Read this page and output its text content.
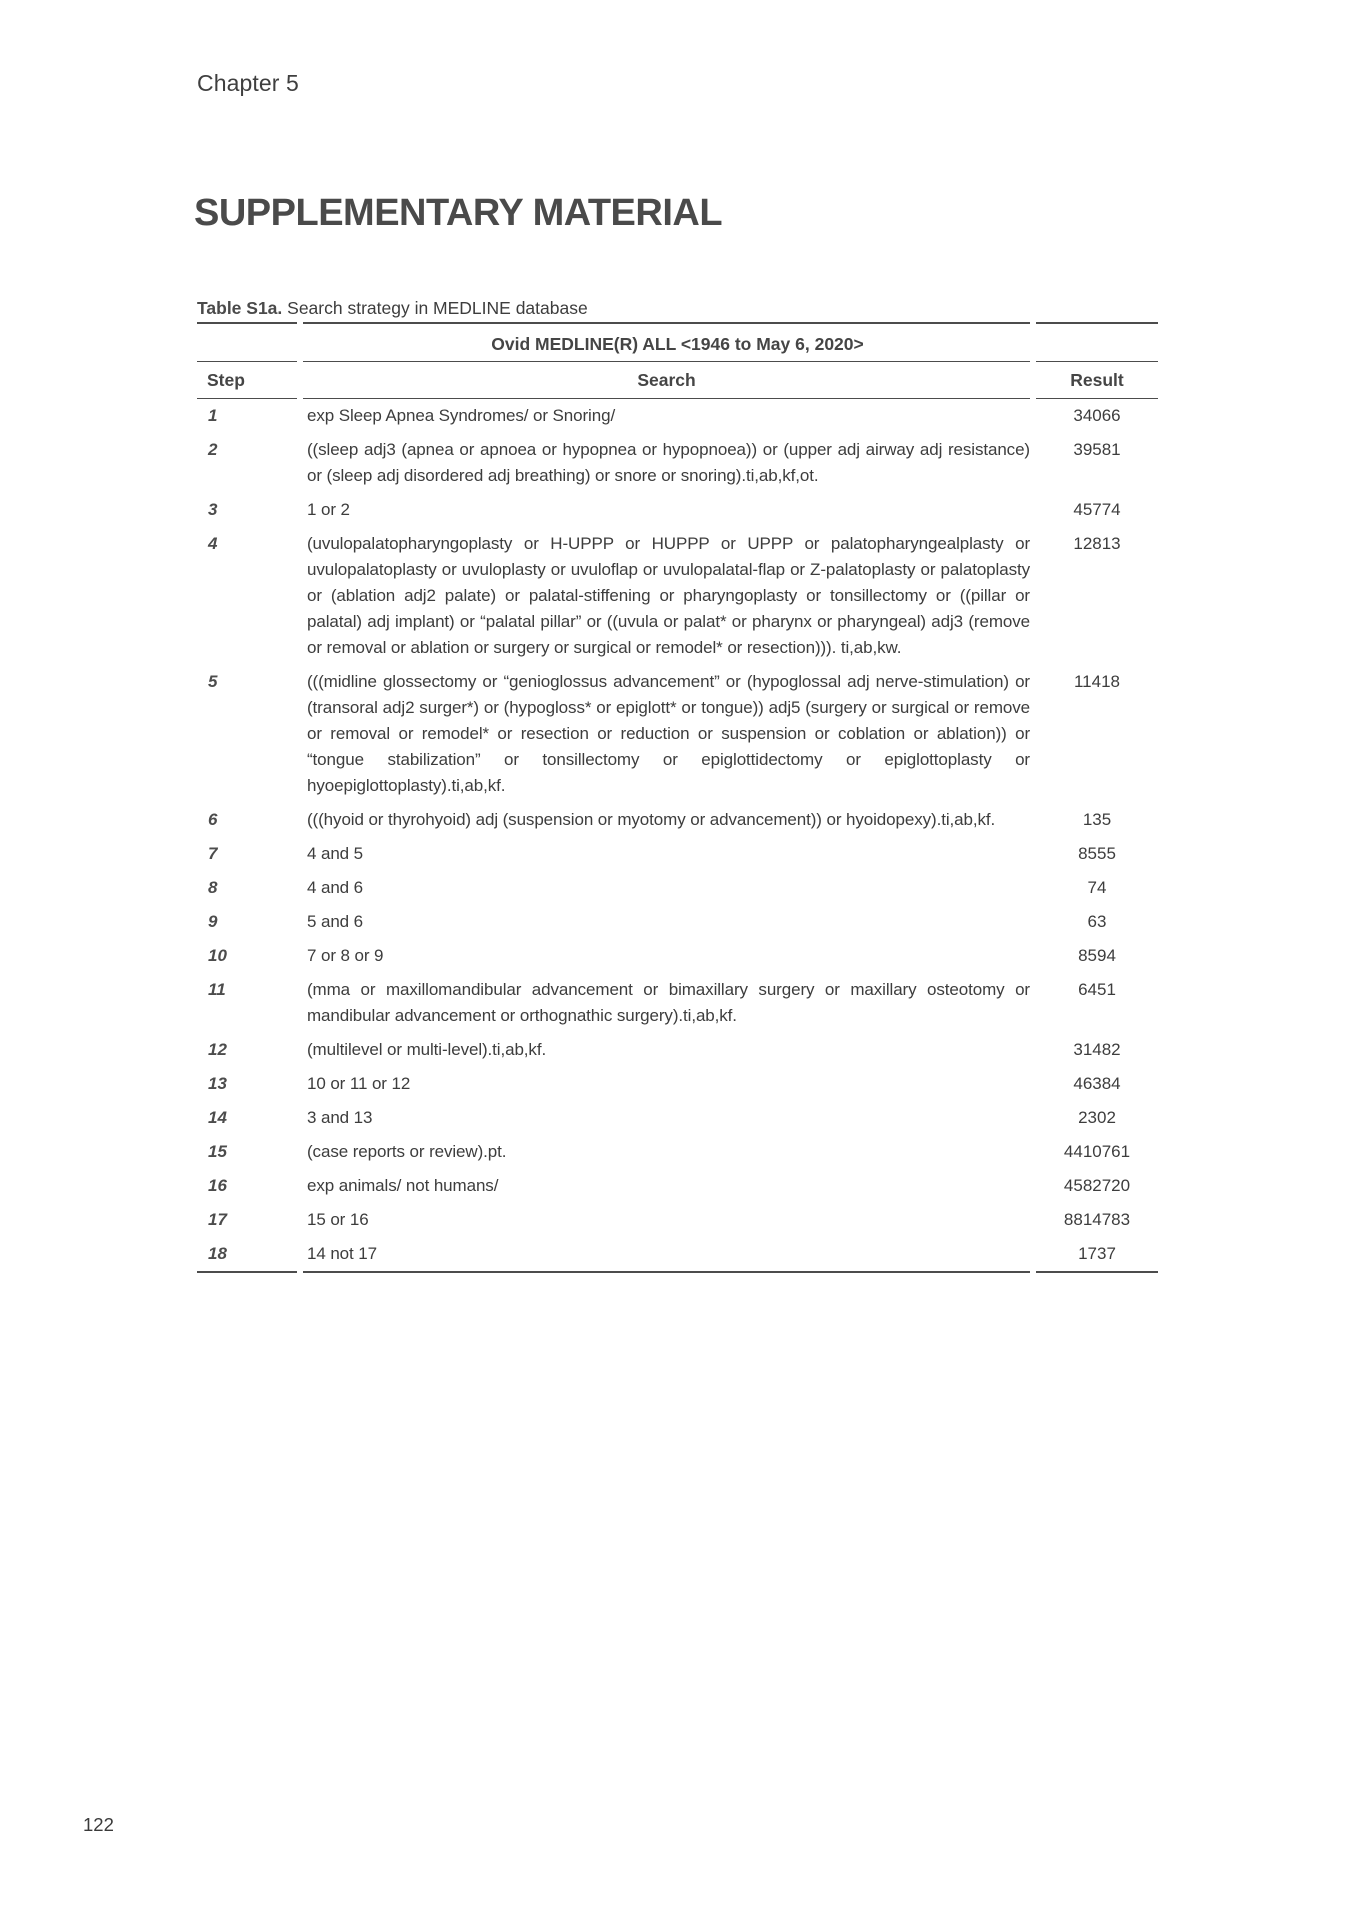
Chapter 5
SUPPLEMENTARY MATERIAL
Table S1a. Search strategy in MEDLINE database

Ovid MEDLINE(R) ALL <1946 to May 6, 2020>		

Step	Search	Result

1	exp Sleep Apnea Syndromes/ or Snoring/	34066
2	((sleep adj3 (apnea or apnoea or hypopnea or hypopnoea)) or (upper adj airway adj resistance) or (sleep adj disordered adj breathing) or snore or snoring).ti,ab,kf,ot.	39581
3	1 or 2	45774
4	(uvulopalatopharyngoplasty or H-UPPP or HUPPP or UPPP or palatopharyngealplasty or uvulopalatoplasty or uvuloplasty or uvuloflap or uvulopalatal-flap or Z-palatoplasty or palatoplasty or (ablation adj2 palate) or palatal-stiffening or pharyngoplasty or tonsillectomy or ((pillar or palatal) adj implant) or “palatal pillar” or ((uvula or palat* or pharynx or pharyngeal) adj3 (remove or removal or ablation or surgery or surgical or remodel* or resection))). ti,ab,kw.	12813
5	(((midline glossectomy or “genioglossus advancement” or (hypoglossal adj nerve-stimulation) or (transoral adj2 surger*) or (hypogloss* or epiglott* or tongue)) adj5 (surgery or surgical or remove or removal or remodel* or resection or reduction or suspension or coblation or ablation)) or “tongue stabilization” or tonsillectomy or epiglottidectomy or epiglottoplasty or hyoepiglottoplasty).ti,ab,kf.	11418
6	(((hyoid or thyrohyoid) adj (suspension or myotomy or advancement)) or hyoidopexy).ti,ab,kf.	135
7	4 and 5	8555
8	4 and 6	74
9	5 and 6	63
10	7 or 8 or 9	8594
11	(mma or maxillomandibular advancement or bimaxillary surgery or maxillary osteotomy or mandibular advancement or orthognathic surgery).ti,ab,kf.	6451
12	(multilevel or multi-level).ti,ab,kf.	31482
13	10 or 11 or 12	46384
14	3 and 13	2302
15	(case reports or review).pt.	4410761
16	exp animals/ not humans/	4582720
17	15 or 16	8814783
18	14 not 17	1737

122
